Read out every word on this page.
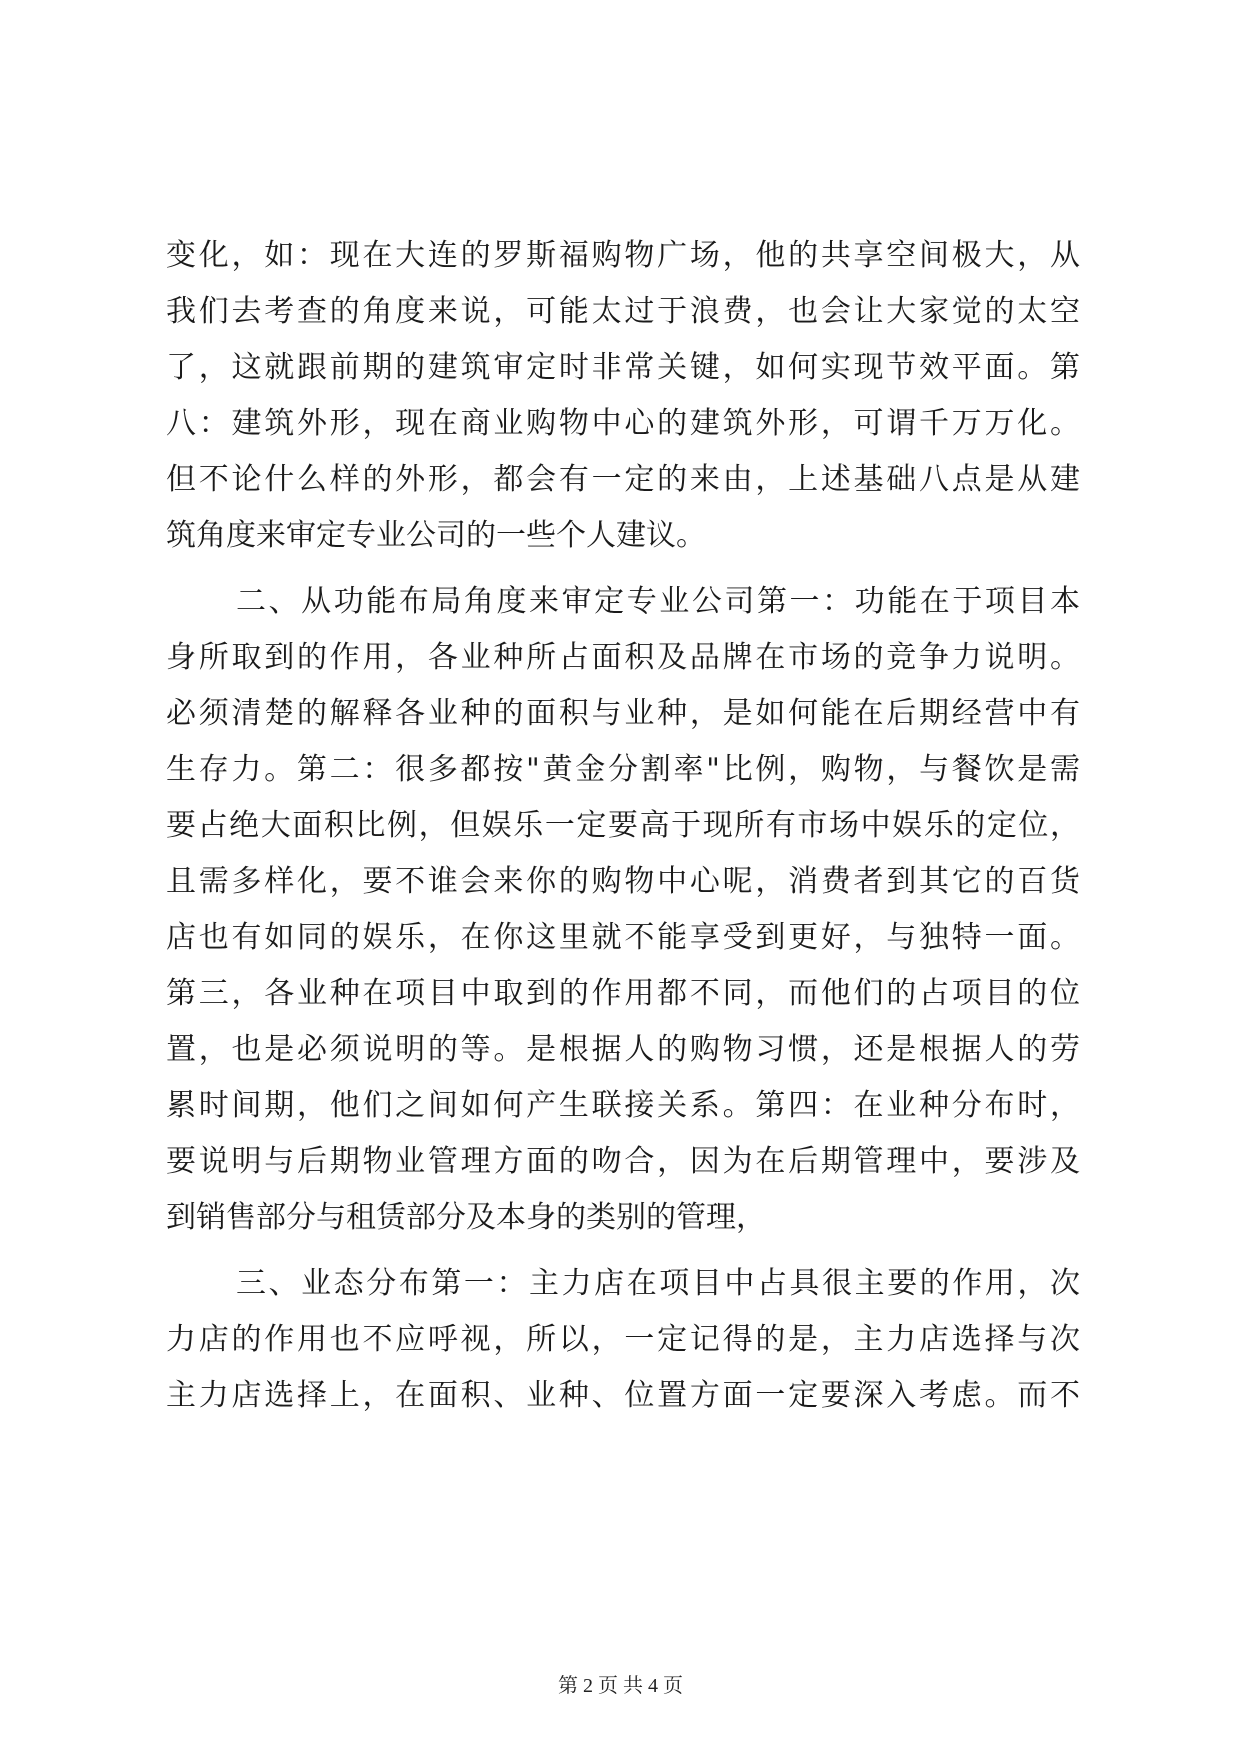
变化，如：现在大连的罗斯福购物广场，他的共享空间极大，从
我们去考查的角度来说，可能太过于浪费，也会让大家觉的太空
了，这就跟前期的建筑审定时非常关键，如何实现节效平面。第
八：建筑外形，现在商业购物中心的建筑外形，可谓千万万化。
但不论什么样的外形，都会有一定的来由，上述基础八点是从建
筑角度来审定专业公司的一些个人建议。
二、从功能布局角度来审定专业公司第一：功能在于项目本
身所取到的作用，各业种所占面积及品牌在市场的竞争力说明。
必须清楚的解释各业种的面积与业种，是如何能在后期经营中有
生存力。第二：很多都按"黄金分割率"比例，购物，与餐饮是需
要占绝大面积比例，但娱乐一定要高于现所有市场中娱乐的定位，
且需多样化，要不谁会来你的购物中心呢，消费者到其它的百货
店也有如同的娱乐，在你这里就不能享受到更好，与独特一面。
第三，各业种在项目中取到的作用都不同，而他们的占项目的位
置，也是必须说明的等。是根据人的购物习惯，还是根据人的劳
累时间期，他们之间如何产生联接关系。第四：在业种分布时，
要说明与后期物业管理方面的吻合，因为在后期管理中，要涉及
到销售部分与租赁部分及本身的类别的管理，
三、业态分布第一：主力店在项目中占具很主要的作用，次
力店的作用也不应呼视，所以，一定记得的是，主力店选择与次
主力店选择上，在面积、业种、位置方面一定要深入考虑。而不
第 2 页 共 4 页
